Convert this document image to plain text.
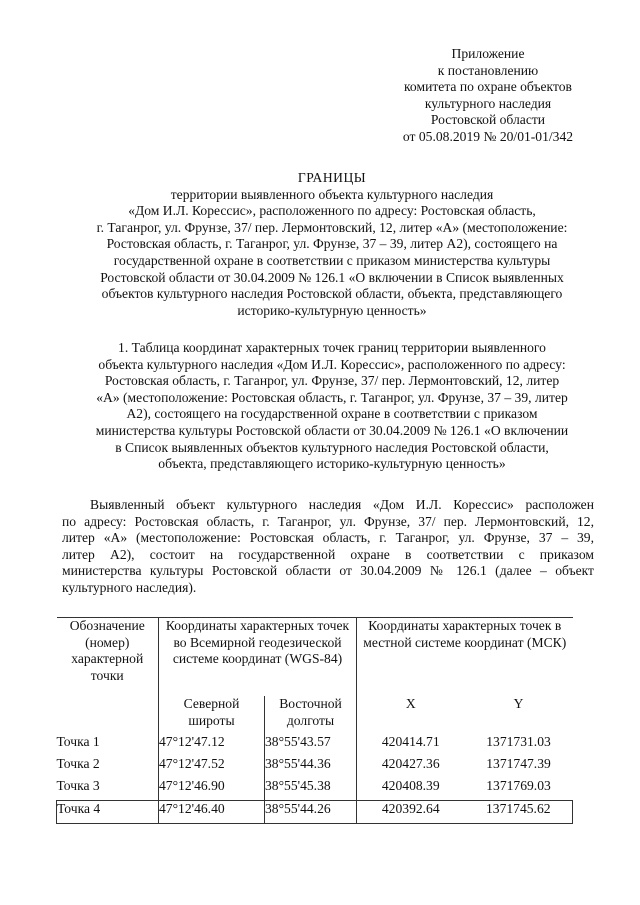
Приложение
к постановлению
комитета по охране объектов
культурного наследия
Ростовской области
от 05.08.2019 № 20/01-01/342
ГРАНИЦЫ
территории выявленного объекта культурного наследия
«Дом И.Л. Корессис», расположенного по адресу: Ростовская область,
г. Таганрог, ул. Фрунзе, 37/ пер. Лермонтовский, 12, литер «А» (местоположение:
Ростовская область, г. Таганрог, ул. Фрунзе, 37 – 39, литер А2), состоящего на
государственной охране в соответствии с приказом министерства культуры
Ростовской области от 30.04.2009 № 126.1 «О включении в Список выявленных
объектов культурного наследия Ростовской области, объекта, представляющего
историко-культурную ценность»
1. Таблица координат характерных точек границ территории выявленного
объекта культурного наследия «Дом И.Л. Корессис», расположенного по адресу:
Ростовская область, г. Таганрог, ул. Фрунзе, 37/ пер. Лермонтовский, 12, литер
«А» (местоположение: Ростовская область, г. Таганрог, ул. Фрунзе, 37 – 39, литер
А2), состоящего на государственной охране в соответствии с приказом
министерства культуры Ростовской области от 30.04.2009 № 126.1 «О включении
в Список выявленных объектов культурного наследия Ростовской области,
объекта, представляющего историко-культурную ценность»
Выявленный объект культурного наследия «Дом И.Л. Корессис» расположен
по адресу: Ростовская область, г. Таганрог, ул. Фрунзе, 37/ пер. Лермонтовский, 12,
литер «А» (местоположение: Ростовская область, г. Таганрог, ул. Фрунзе, 37 – 39,
литер А2), состоит на государственной охране в соответствии с приказом
министерства культуры Ростовской области от 30.04.2009 № 126.1 (далее – объект
культурного наследия).
Обозначение (номер) характерной точки	Координаты характерных точек во Всемирной геодезической системе координат (WGS-84)		Координаты характерных точек в местной системе координат (МСК)	
	Северной широты	Восточной долготы	X	Y
Точка 1	47°12'47.12	38°55'43.57	420414.71	1371731.03
Точка 2	47°12'47.52	38°55'44.36	420427.36	1371747.39
Точка 3	47°12'46.90	38°55'45.38	420408.39	1371769.03
Точка 4	47°12'46.40	38°55'44.26	420392.64	1371745.62
